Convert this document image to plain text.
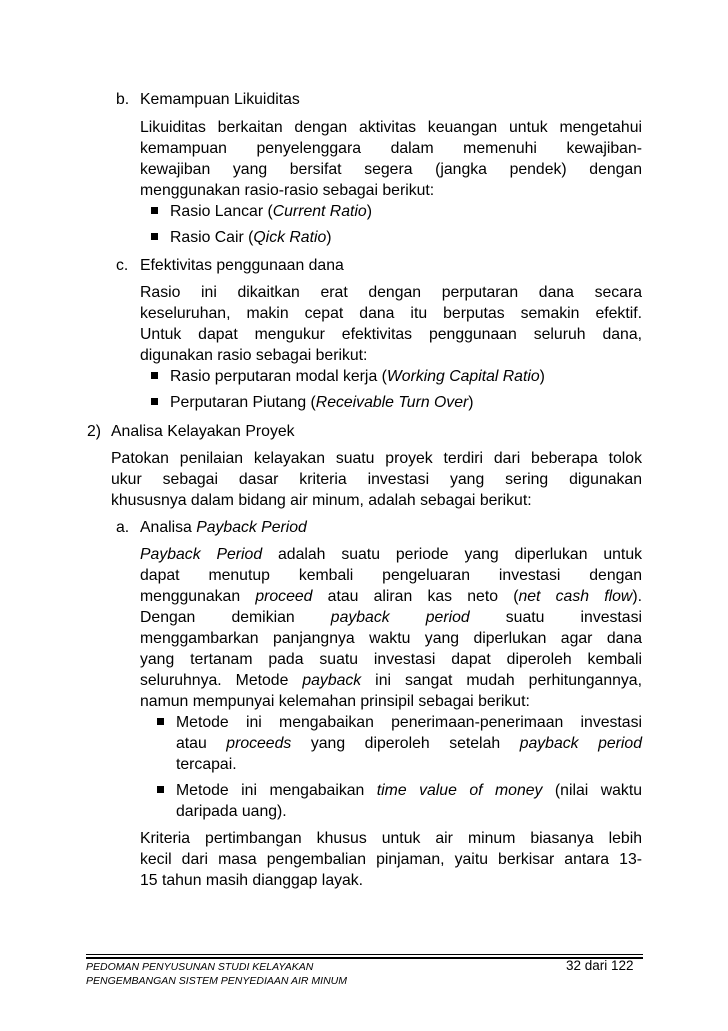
b. Kemampuan Likuiditas
Likuiditas berkaitan dengan aktivitas keuangan untuk mengetahui
kemampuan penyelenggara dalam memenuhi kewajiban-
kewajiban yang bersifat segera (jangka pendek) dengan
menggunakan rasio-rasio sebagai berikut:
Rasio Lancar (Current Ratio)
Rasio Cair (Qick Ratio)
c. Efektivitas penggunaan dana
Rasio ini dikaitkan erat dengan perputaran dana secara
keseluruhan, makin cepat dana itu berputas semakin efektif.
Untuk dapat mengukur efektivitas penggunaan seluruh dana,
digunakan rasio sebagai berikut:
Rasio perputaran modal kerja (Working Capital Ratio)
Perputaran Piutang (Receivable Turn Over)
2) Analisa Kelayakan Proyek
Patokan penilaian kelayakan suatu proyek terdiri dari beberapa tolok
ukur sebagai dasar kriteria investasi yang sering digunakan
khususnya dalam bidang air minum, adalah sebagai berikut:
a. Analisa Payback Period
Payback Period adalah suatu periode yang diperlukan untuk
dapat menutup kembali pengeluaran investasi dengan
menggunakan proceed atau aliran kas neto (net cash flow).
Dengan demikian payback period suatu investasi
menggambarkan panjangnya waktu yang diperlukan agar dana
yang tertanam pada suatu investasi dapat diperoleh kembali
seluruhnya. Metode payback ini sangat mudah perhitungannya,
namun mempunyai kelemahan prinsipil sebagai berikut:
Metode ini mengabaikan penerimaan-penerimaan investasi
atau proceeds yang diperoleh setelah payback period
tercapai.
Metode ini mengabaikan time value of money (nilai waktu
daripada uang).
Kriteria pertimbangan khusus untuk air minum biasanya lebih
kecil dari masa pengembalian pinjaman, yaitu berkisar antara 13-
15 tahun masih dianggap layak.
PEDOMAN PENYUSUNAN STUDI KELAYAKAN
PENGEMBANGAN SISTEM PENYEDIAAN AIR MINUM
32 dari 122
